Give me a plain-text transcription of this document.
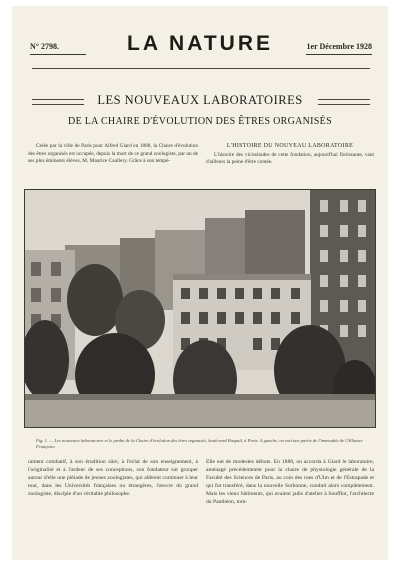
N° 2798.	LA NATURE	1er Décembre 1928
LES NOUVEAUX LABORATOIRES
DE LA CHAIRE D'ÉVOLUTION DES ÊTRES ORGANISÉS

Créée par la ville de Paris pour Alfred Giard en 1888, la Chaire d'évolution des êtres organisés est occupée, depuis la mort de ce grand zoologiste, par un de ses plus éminents élèves, M. Maurice Caullery. Grâce à son tempé-

L'HISTOIRE DU NOUVEAU LABORATOIRE

L'histoire des vicissitudes de cette fondation, aujourd'hui florissante, vaut d'ailleurs la peine d'être contée.

Fig. 1. — Les nouveaux laboratoires et le jardin de la Chaire d'évolution des êtres organisés, boulevard Raspail, à Paris. A gauche, on voit une partie de l'immeuble de l'Alliance Française.

rament combatif, à son érudition sûre, à l'éclat de son enseignement, à l'originalité et à l'ardeur de ses conceptions, son fondateur sut grouper autour d'elle une pléiade de jeunes zoologistes, qui allèrent continuer à leur tour, dans les Universités françaises ou étrangères, l'œuvre du grand zoologiste, disciple d'un véritable philosophe.

Elle eut de modestes débuts. En 1888, on accorda à Giard le laboratoire, aménagé précédemment pour la chaire de physiologie générale de la Faculté des Sciences de Paris, au coin des rues d'Ulm et de l'Estrapade et qui fut transféré, dans la nouvelle Sorbonne, conduit alors complètement. Mais les vieux bâtiments, qui avaient jadis d'atelier à Soufflot, l'architecte du Panthéon, tom-
